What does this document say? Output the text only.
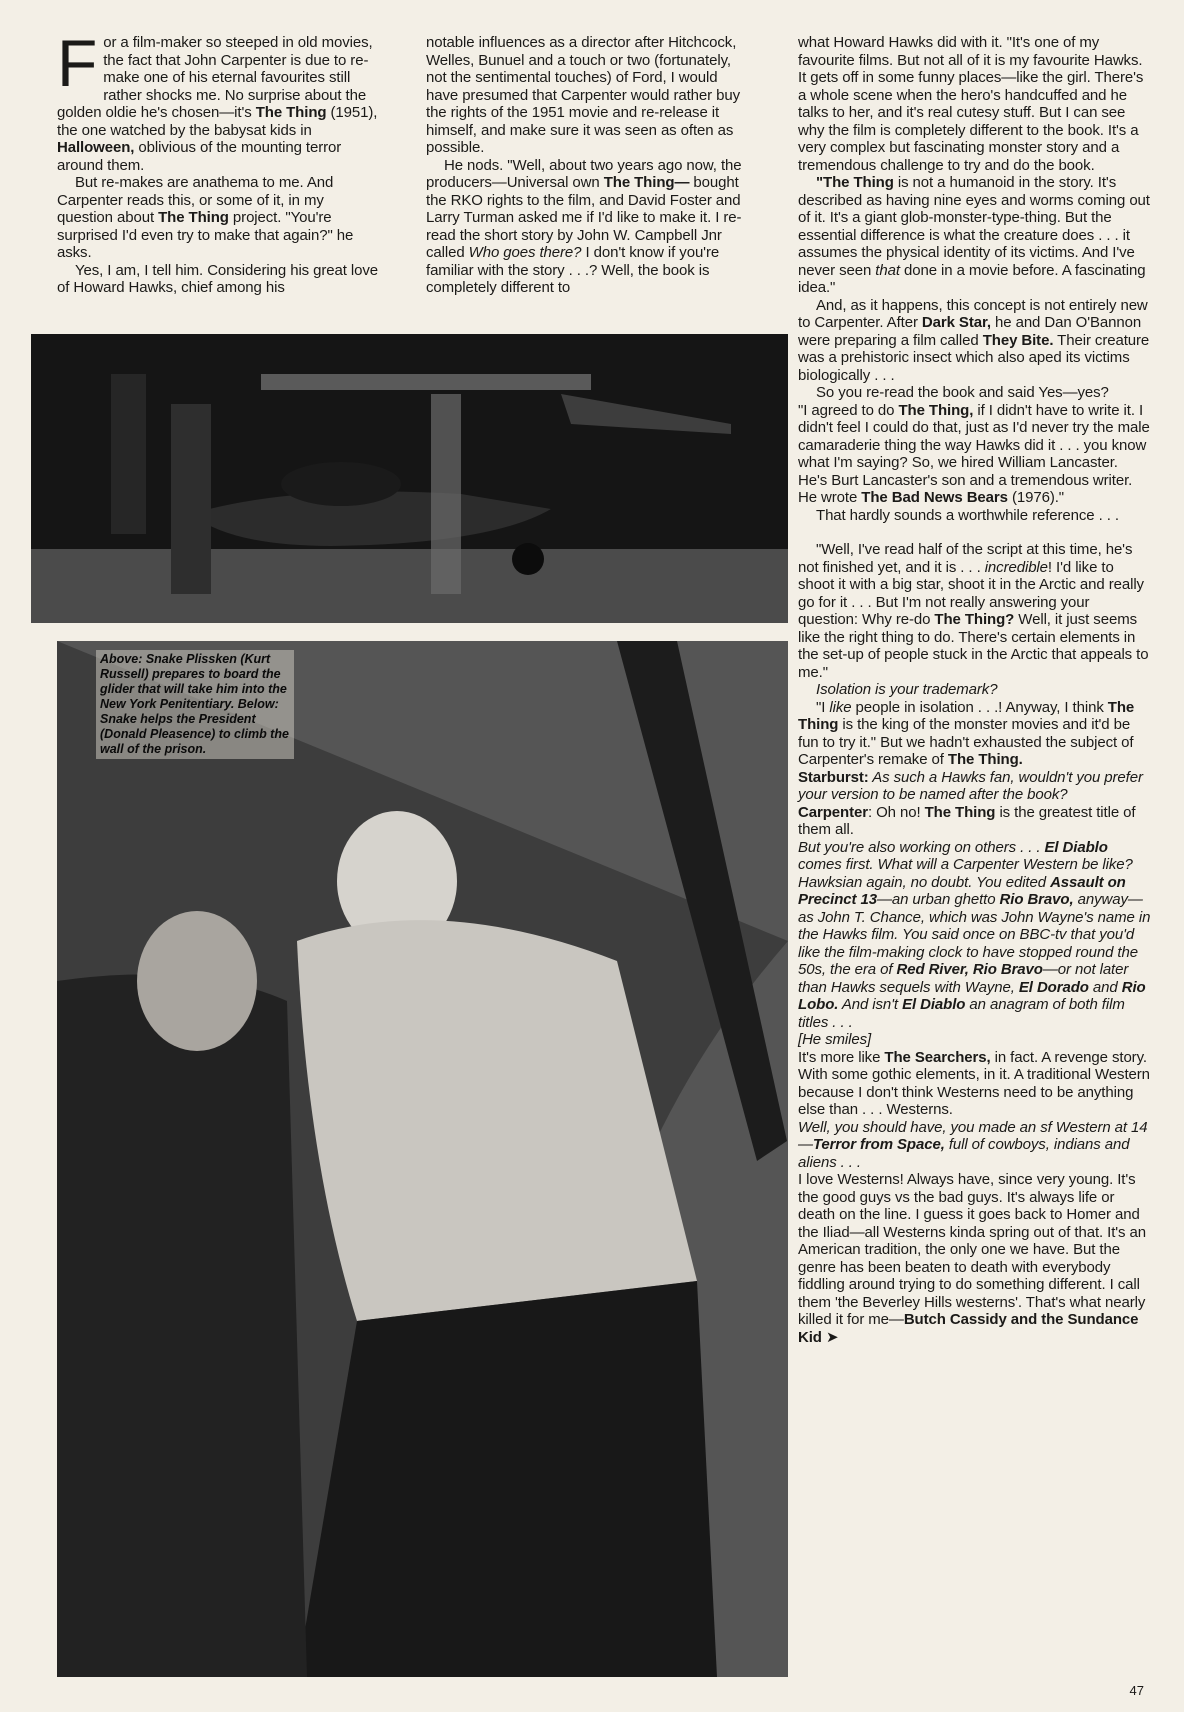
For a film-maker so steeped in old movies, the fact that John Carpenter is due to re-make one of his eternal favourites still rather shocks me. No surprise about the golden oldie he's chosen—it's The Thing (1951), the one watched by the babysat kids in Halloween, oblivious of the mounting terror around them.

But re-makes are anathema to me. And Carpenter reads this, or some of it, in my question about The Thing project. "You're surprised I'd even try to make that again?" he asks.

Yes, I am, I tell him. Considering his great love of Howard Hawks, chief among his

notable influences as a director after Hitchcock, Welles, Bunuel and a touch or two (fortunately, not the sentimental touches) of Ford, I would have presumed that Carpenter would rather buy the rights of the 1951 movie and re-release it himself, and make sure it was seen as often as possible.

He nods. "Well, about two years ago now, the producers—Universal own The Thing— bought the RKO rights to the film, and David Foster and Larry Turman asked me if I'd like to make it. I re-read the short story by John W. Campbell Jnr called Who goes there? I don't know if you're familiar with the story . . .? Well, the book is completely different to

Above: Snake Plissken (Kurt Russell) prepares to board the glider that will take him into the New York Penitentiary. Below: Snake helps the President (Donald Pleasence) to climb the wall of the prison.

what Howard Hawks did with it. "It's one of my favourite films. But not all of it is my favourite Hawks. It gets off in some funny places—like the girl. There's a whole scene when the hero's handcuffed and he talks to her, and it's real cutesy stuff. But I can see why the film is completely different to the book. It's a very complex but fascinating monster story and a tremendous challenge to try and do the book.

"The Thing is not a humanoid in the story. It's described as having nine eyes and worms coming out of it. It's a giant glob-monster-type-thing. But the essential difference is what the creature does . . . it assumes the physical identity of its victims. And I've never seen that done in a movie before. A fascinating idea."

And, as it happens, this concept is not entirely new to Carpenter. After Dark Star, he and Dan O'Bannon were preparing a film called They Bite. Their creature was a prehistoric insect which also aped its victims biologically . . .

So you re-read the book and said Yes—yes?

"I agreed to do The Thing, if I didn't have to write it. I didn't feel I could do that, just as I'd never try the male camaraderie thing the way Hawks did it . . . you know what I'm saying? So, we hired William Lancaster. He's Burt Lancaster's son and a tremendous writer. He wrote The Bad News Bears (1976)."

That hardly sounds a worthwhile reference . . .

"Well, I've read half of the script at this time, he's not finished yet, and it is . . . incredible! I'd like to shoot it with a big star, shoot it in the Arctic and really go for it . . . But I'm not really answering your question: Why re-do The Thing? Well, it just seems like the right thing to do. There's certain elements in the set-up of people stuck in the Arctic that appeals to me."

Isolation is your trademark?

"I like people in isolation . . .! Anyway, I think The Thing is the king of the monster movies and it'd be fun to try it." But we hadn't exhausted the subject of Carpenter's remake of The Thing.

Starburst: As such a Hawks fan, wouldn't you prefer your version to be named after the book?

Carpenter: Oh no! The Thing is the greatest title of them all.

But you're also working on others . . . El Diablo comes first. What will a Carpenter Western be like? Hawksian again, no doubt. You edited Assault on Precinct 13—an urban ghetto Rio Bravo, anyway—as John T. Chance, which was John Wayne's name in the Hawks film. You said once on BBC-tv that you'd like the film-making clock to have stopped round the 50s, the era of Red River, Rio Bravo—or not later than Hawks sequels with Wayne, El Dorado and Rio Lobo. And isn't El Diablo an anagram of both film titles . . .
[He smiles]

It's more like The Searchers, in fact. A revenge story. With some gothic elements, in it. A traditional Western because I don't think Westerns need to be anything else than . . . Westerns.

Well, you should have, you made an sf Western at 14—Terror from Space, full of cowboys, indians and aliens . . .

I love Westerns! Always have, since very young. It's the good guys vs the bad guys. It's always life or death on the line. I guess it goes back to Homer and the Iliad—all Westerns kinda spring out of that. It's an American tradition, the only one we have. But the genre has been beaten to death with everybody fiddling around trying to do something different. I call them 'the Beverley Hills westerns'. That's what nearly killed it for me—Butch Cassidy and the Sundance Kid ➤

47
